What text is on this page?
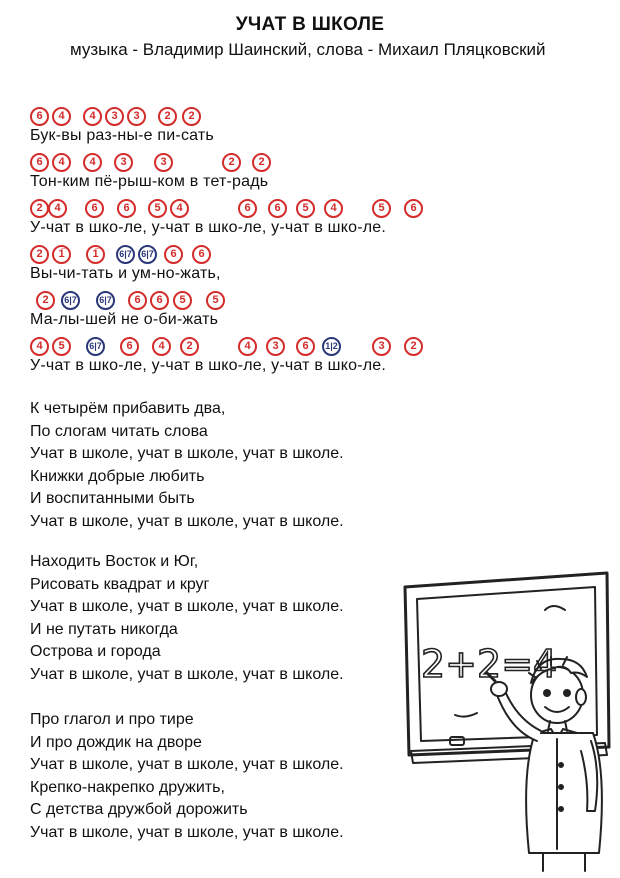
УЧАТ В ШКОЛЕ
музыка - Владимир Шаинский, слова - Михаил Пляцковский
6	4	4	3	3	2	2
Бук-вы раз-ны-е пи-сать
6	4	4	3	3	2	2
Тон-ким пё-рыш-ком в тет-радь
2	4	6	6	5	4	6	6	5	4	5	6
У-чат в шко-ле, у-чат в шко-ле, у-чат в шко-ле.
2	1̅	1̅	6|7	6|7	6	6
Вы-чи-тать и ум-но-жать,
2	6|7	6|7	6	6	5	5
Ма-лы-шей не о-би-жать
4	5	6|7	6	4	2	4	3	6	1|2	3	2
У-чат в шко-ле, у-чат в шко-ле, у-чат в шко-ле.
К четырём прибавить два,
По слогам читать слова
Учат в школе, учат в школе, учат в школе.
Книжки добрые любить
И воспитанными быть
Учат в школе, учат в школе, учат в школе.
Находить Восток и Юг,
Рисовать квадрат и круг
Учат в школе, учат в школе, учат в школе.
И не путать никогда
Острова и города
Учат в школе, учат в школе, учат в школе.
Про глагол и про тире
И про дождик на дворе
Учат в школе, учат в школе, учат в школе.
Крепко-накрепко дружить,
С детства дружбой дорожить
Учат в школе, учат в школе, учат в школе.
2+2=4
